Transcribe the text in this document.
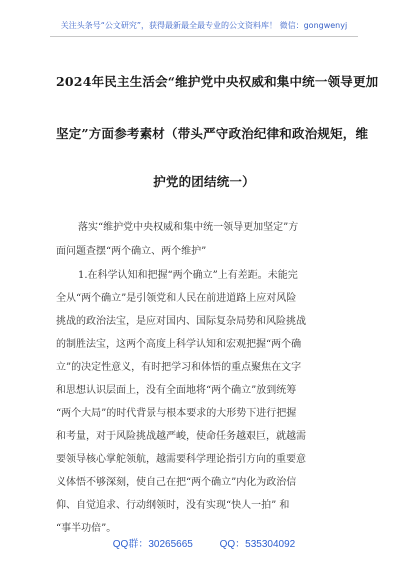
关注头条号“公文研究”，获得最新最全最专业的公文资料库！ 微信：gongwenyj
2024年民主生活会“维护党中央权威和集中统一领导更加
坚定”方面参考素材（带头严守政治纪律和政治规矩，维
护党的团结统一）
落实“维护党中央权威和集中统一领导更加坚定”方
面问题查摆“两个确立、两个维护”
1.在科学认知和把握“两个确立”上有差距。未能完
全从“两个确立”是引领党和人民在前进道路上应对风险
挑战的政治法宝，是应对国内、国际复杂局势和风险挑战
的制胜法宝，这两个高度上科学认知和宏观把握“两个确
立”的决定性意义，有时把学习和体悟的重点聚焦在文字
和思想认识层面上，没有全面地将“两个确立”放到统筹
“两个大局”的时代背景与根本要求的大形势下进行把握
和考量，对于风险挑战越严峻，使命任务越艰巨，就越需
要领导核心掌舵领航，越需要科学理论指引方向的重要意
义体悟不够深刻，使自己在把“两个确立”内化为政治信
仰、自觉追求、行动纲领时，没有实现“快人一拍” 和
“事半功倍”。
QQ群：30265665	QQ：535304092
